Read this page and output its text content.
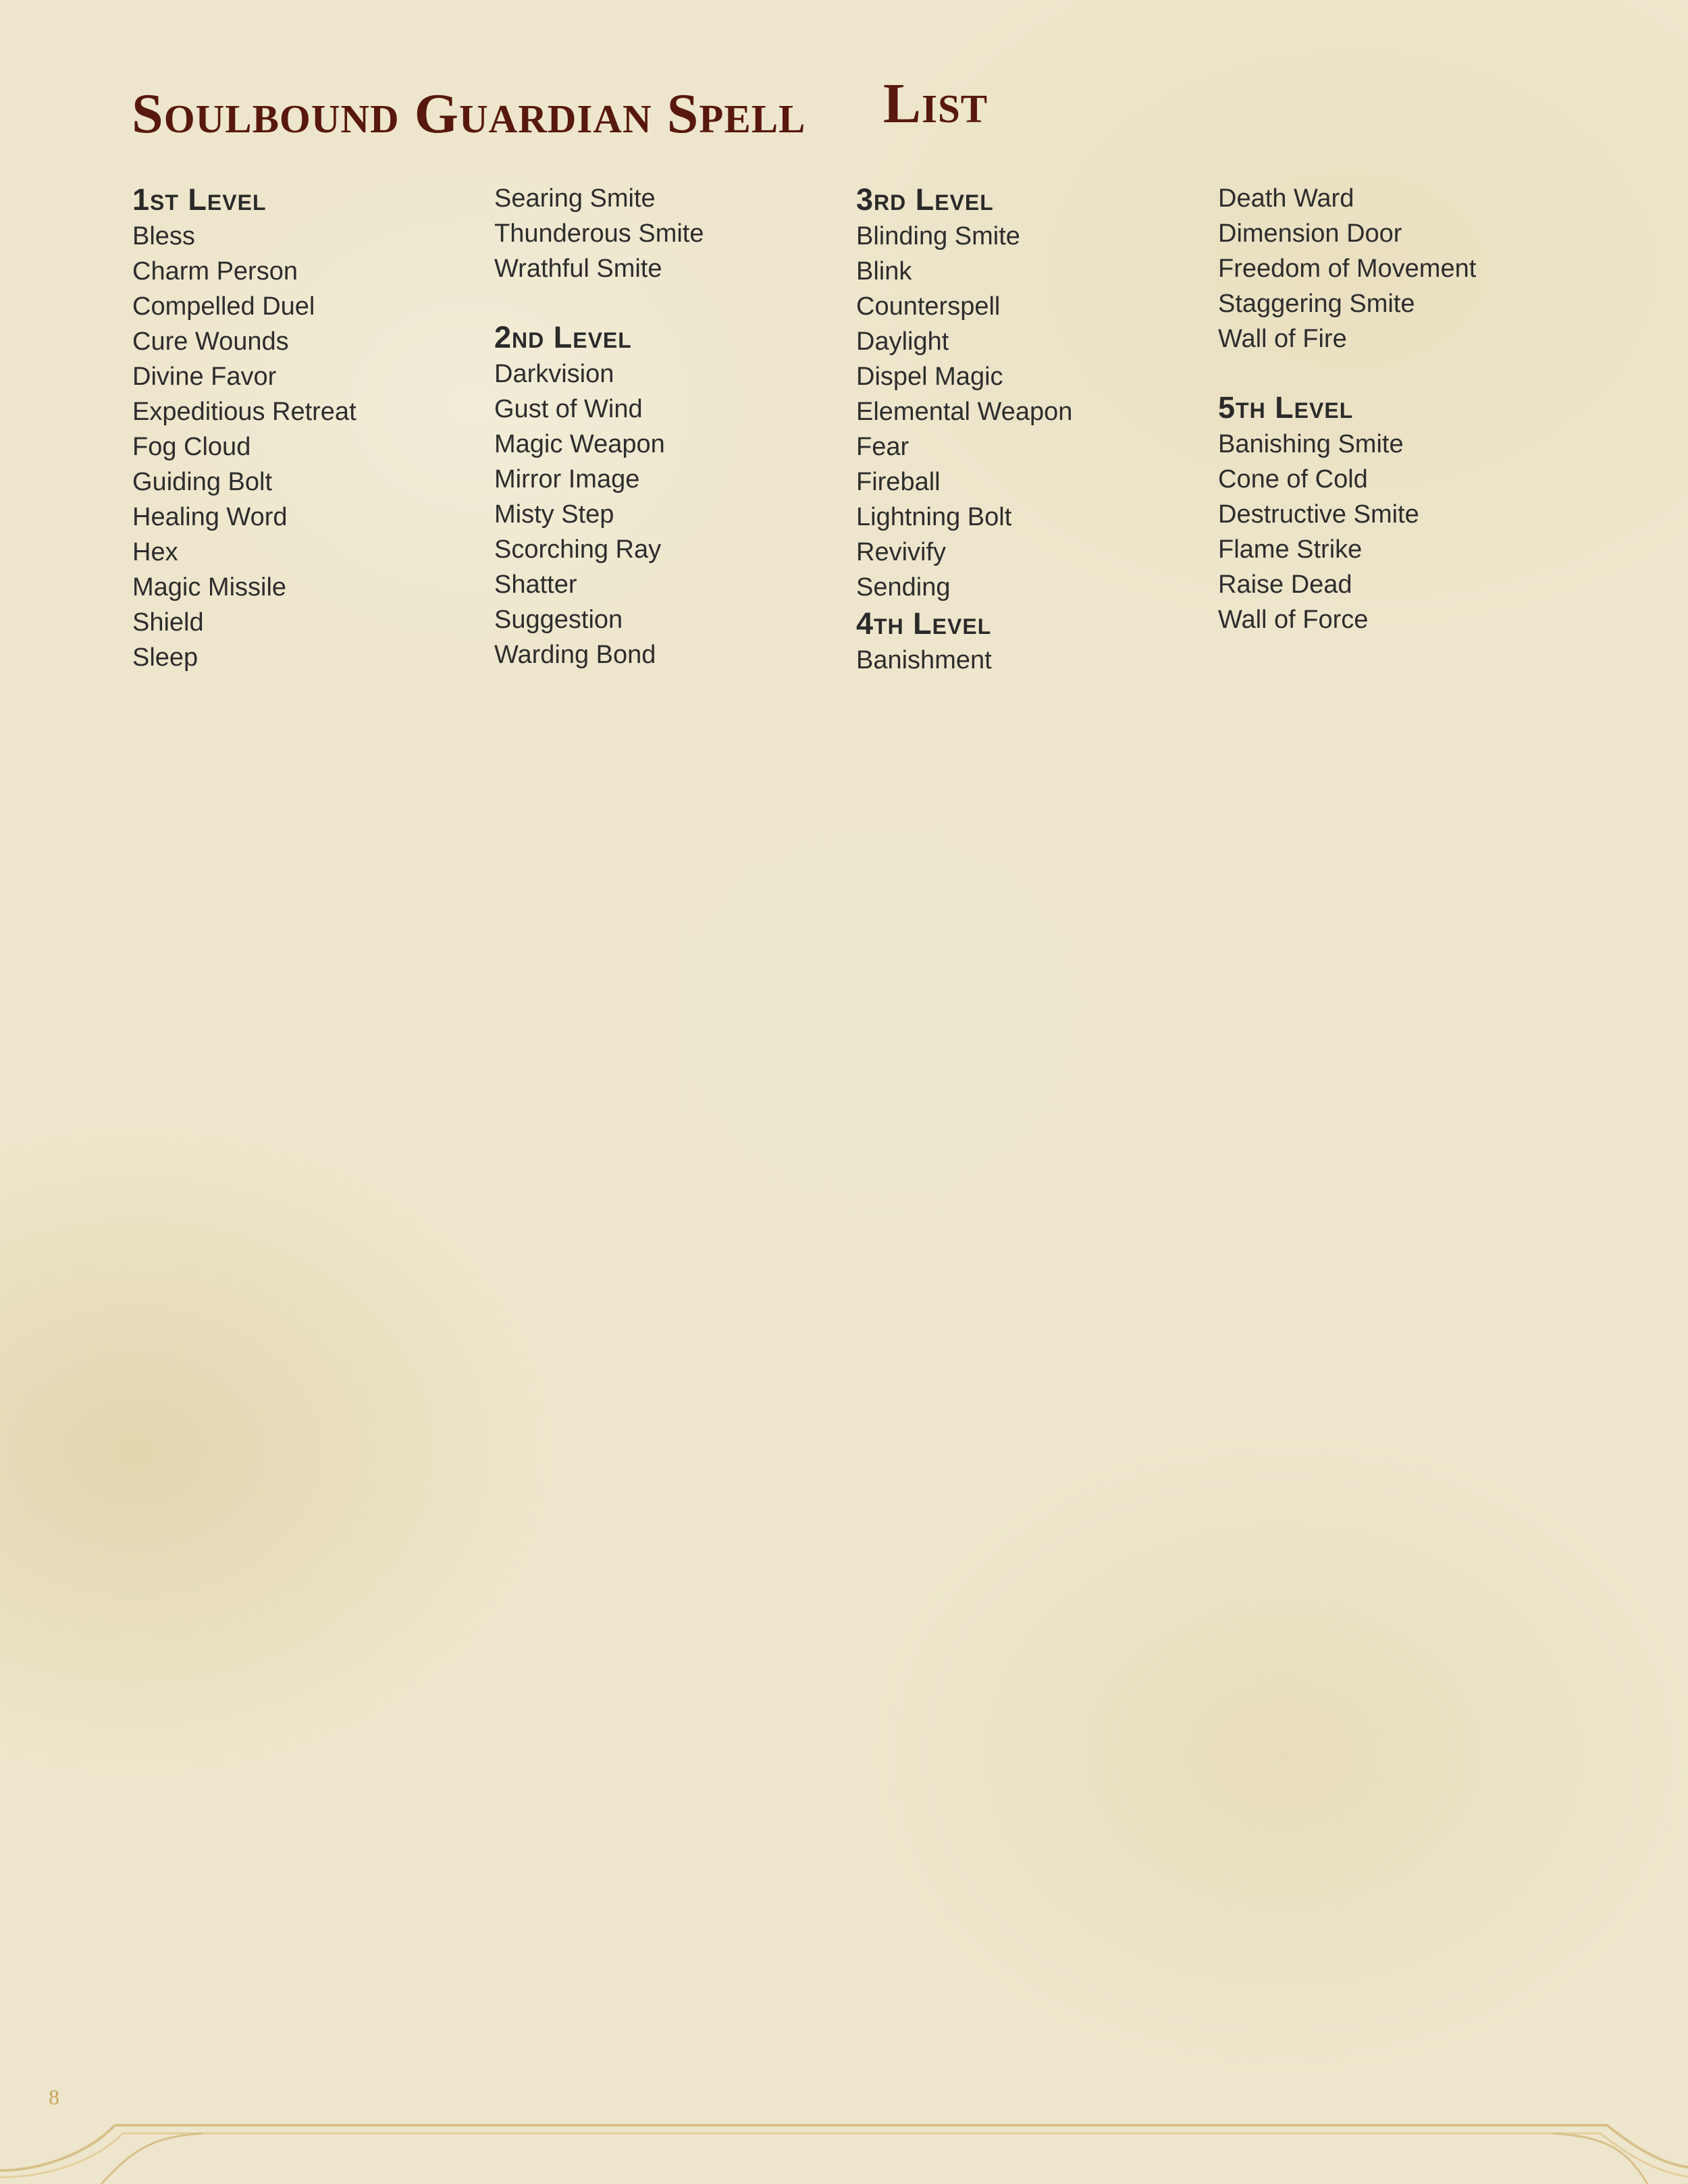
Soulbound Guardian Spell List
1st Level
Bless
Charm Person
Compelled Duel
Cure Wounds
Divine Favor
Expeditious Retreat
Fog Cloud
Guiding Bolt
Healing Word
Hex
Magic Missile
Shield
Sleep
Searing Smite
Thunderous Smite
Wrathful Smite
2nd Level
Darkvision
Gust of Wind
Magic Weapon
Mirror Image
Misty Step
Scorching Ray
Shatter
Suggestion
Warding Bond
3rd Level
Blinding Smite
Blink
Counterspell
Daylight
Dispel Magic
Elemental Weapon
Fear
Fireball
Lightning Bolt
Revivify
Sending
4th Level
Banishment
Death Ward
Dimension Door
Freedom of Movement
Staggering Smite
Wall of Fire
5th Level
Banishing Smite
Cone of Cold
Destructive Smite
Flame Strike
Raise Dead
Wall of Force
8
